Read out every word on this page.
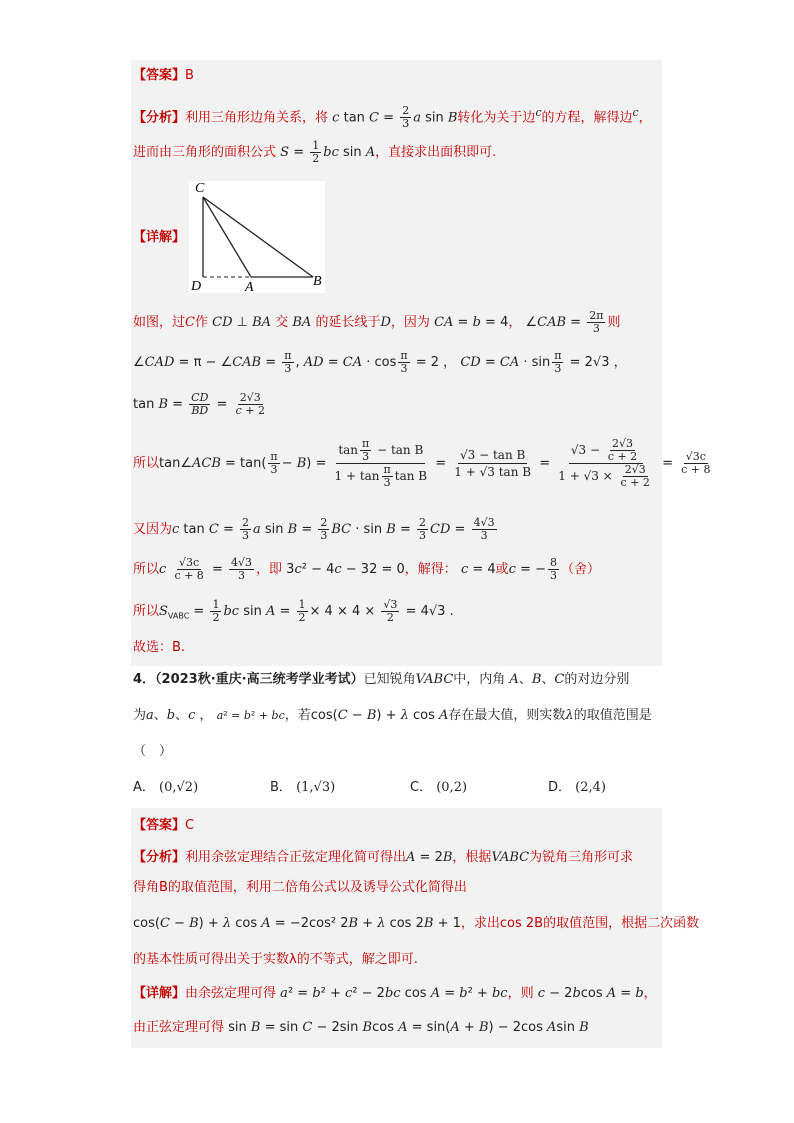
【答案】B
【分析】利用三角形边角关系，将 c $\tan C = \frac{2}{3}$ a sin B转化为关于边$^c$的方程，解得边$^c$，
进而由三角形的面积公式 $S = \frac{1}{2}$ bc sin A，直接求出面积即可.
【详解】
C
D	A	B
如图，过C作 CD ⊥ BA 交 BA 的延长线于D，因为 CA = b = 4， ∠CAB = $\frac{2\pi}{3}$ 则
∠CAD = π − ∠CAB = $\frac{\pi}{3}$ , AD = CA · $\cos \frac{\pi}{3} = 2$ ， CD = CA · $\sin \frac{\pi}{3} = 2√3$ ，
$\tan B = \frac{CD}{BD} = \frac{2√3}{c + 2}$
所以tan∠ACB = $\tan( \frac{\pi}{3} - B) = \frac{\tan \frac{\pi}{3} - \tan B}{1 + \tan \frac{\pi}{3} \tan B} = \frac{\text{√3 − tan B}}{\text{1 + √3 tan B}} = \frac{√3 - \frac{2√3}{c + 2}}{1 + √3 \times \frac{2√3}{c + 2}} = \frac{√3c}{c + 8}$
又因为c $\tan C = \frac{2}{3}$ a $\sin B = \frac{2}{3}$ BC · $\sin B = \frac{2}{3}$ CD = $\frac{4√3}{3}$
所以c $\frac{√3c}{c + 8} = \frac{4√3}{3}$ ，即 3c² − 4c − 32 = 0，解得： c = 4或c = − $\frac{8}{3}$ （舍）
所以$S_{VABC} = \frac{1}{2}$ bc $\sin A = \frac{1}{2} \times 4 \times 4 \times \frac{√3}{2} = 4√3$ .
故选：B.
4．（2023秋·重庆·高三统考学业考试）已知锐角VABC中，内角 A、B、C的对边分别
为a、b、c ， a² = b² + bc，若cos(C − B) + λ cos A存在最大值，则实数λ的取值范围是
（　）
A． (0,√2)	B． (1,√3)	C． (0,2)	D． (2,4)
【答案】C
【分析】利用余弦定理结合正弦定理化简可得出A = 2B，根据VABC为锐角三角形可求
得角B的取值范围，利用二倍角公式以及诱导公式化简得出
cos(C − B) + λ cos A = −2cos² 2B + λ cos 2B + 1，求出cos 2B的取值范围，根据二次函数
的基本性质可得出关于实数λ的不等式，解之即可.
【详解】由余弦定理可得 a² = b² + c² − 2bc cos A = b² + bc，则 c − 2bcos A = b，
由正弦定理可得 sin B = sin C − 2sin Bcos A = sin(A + B) − 2cos Asin B
